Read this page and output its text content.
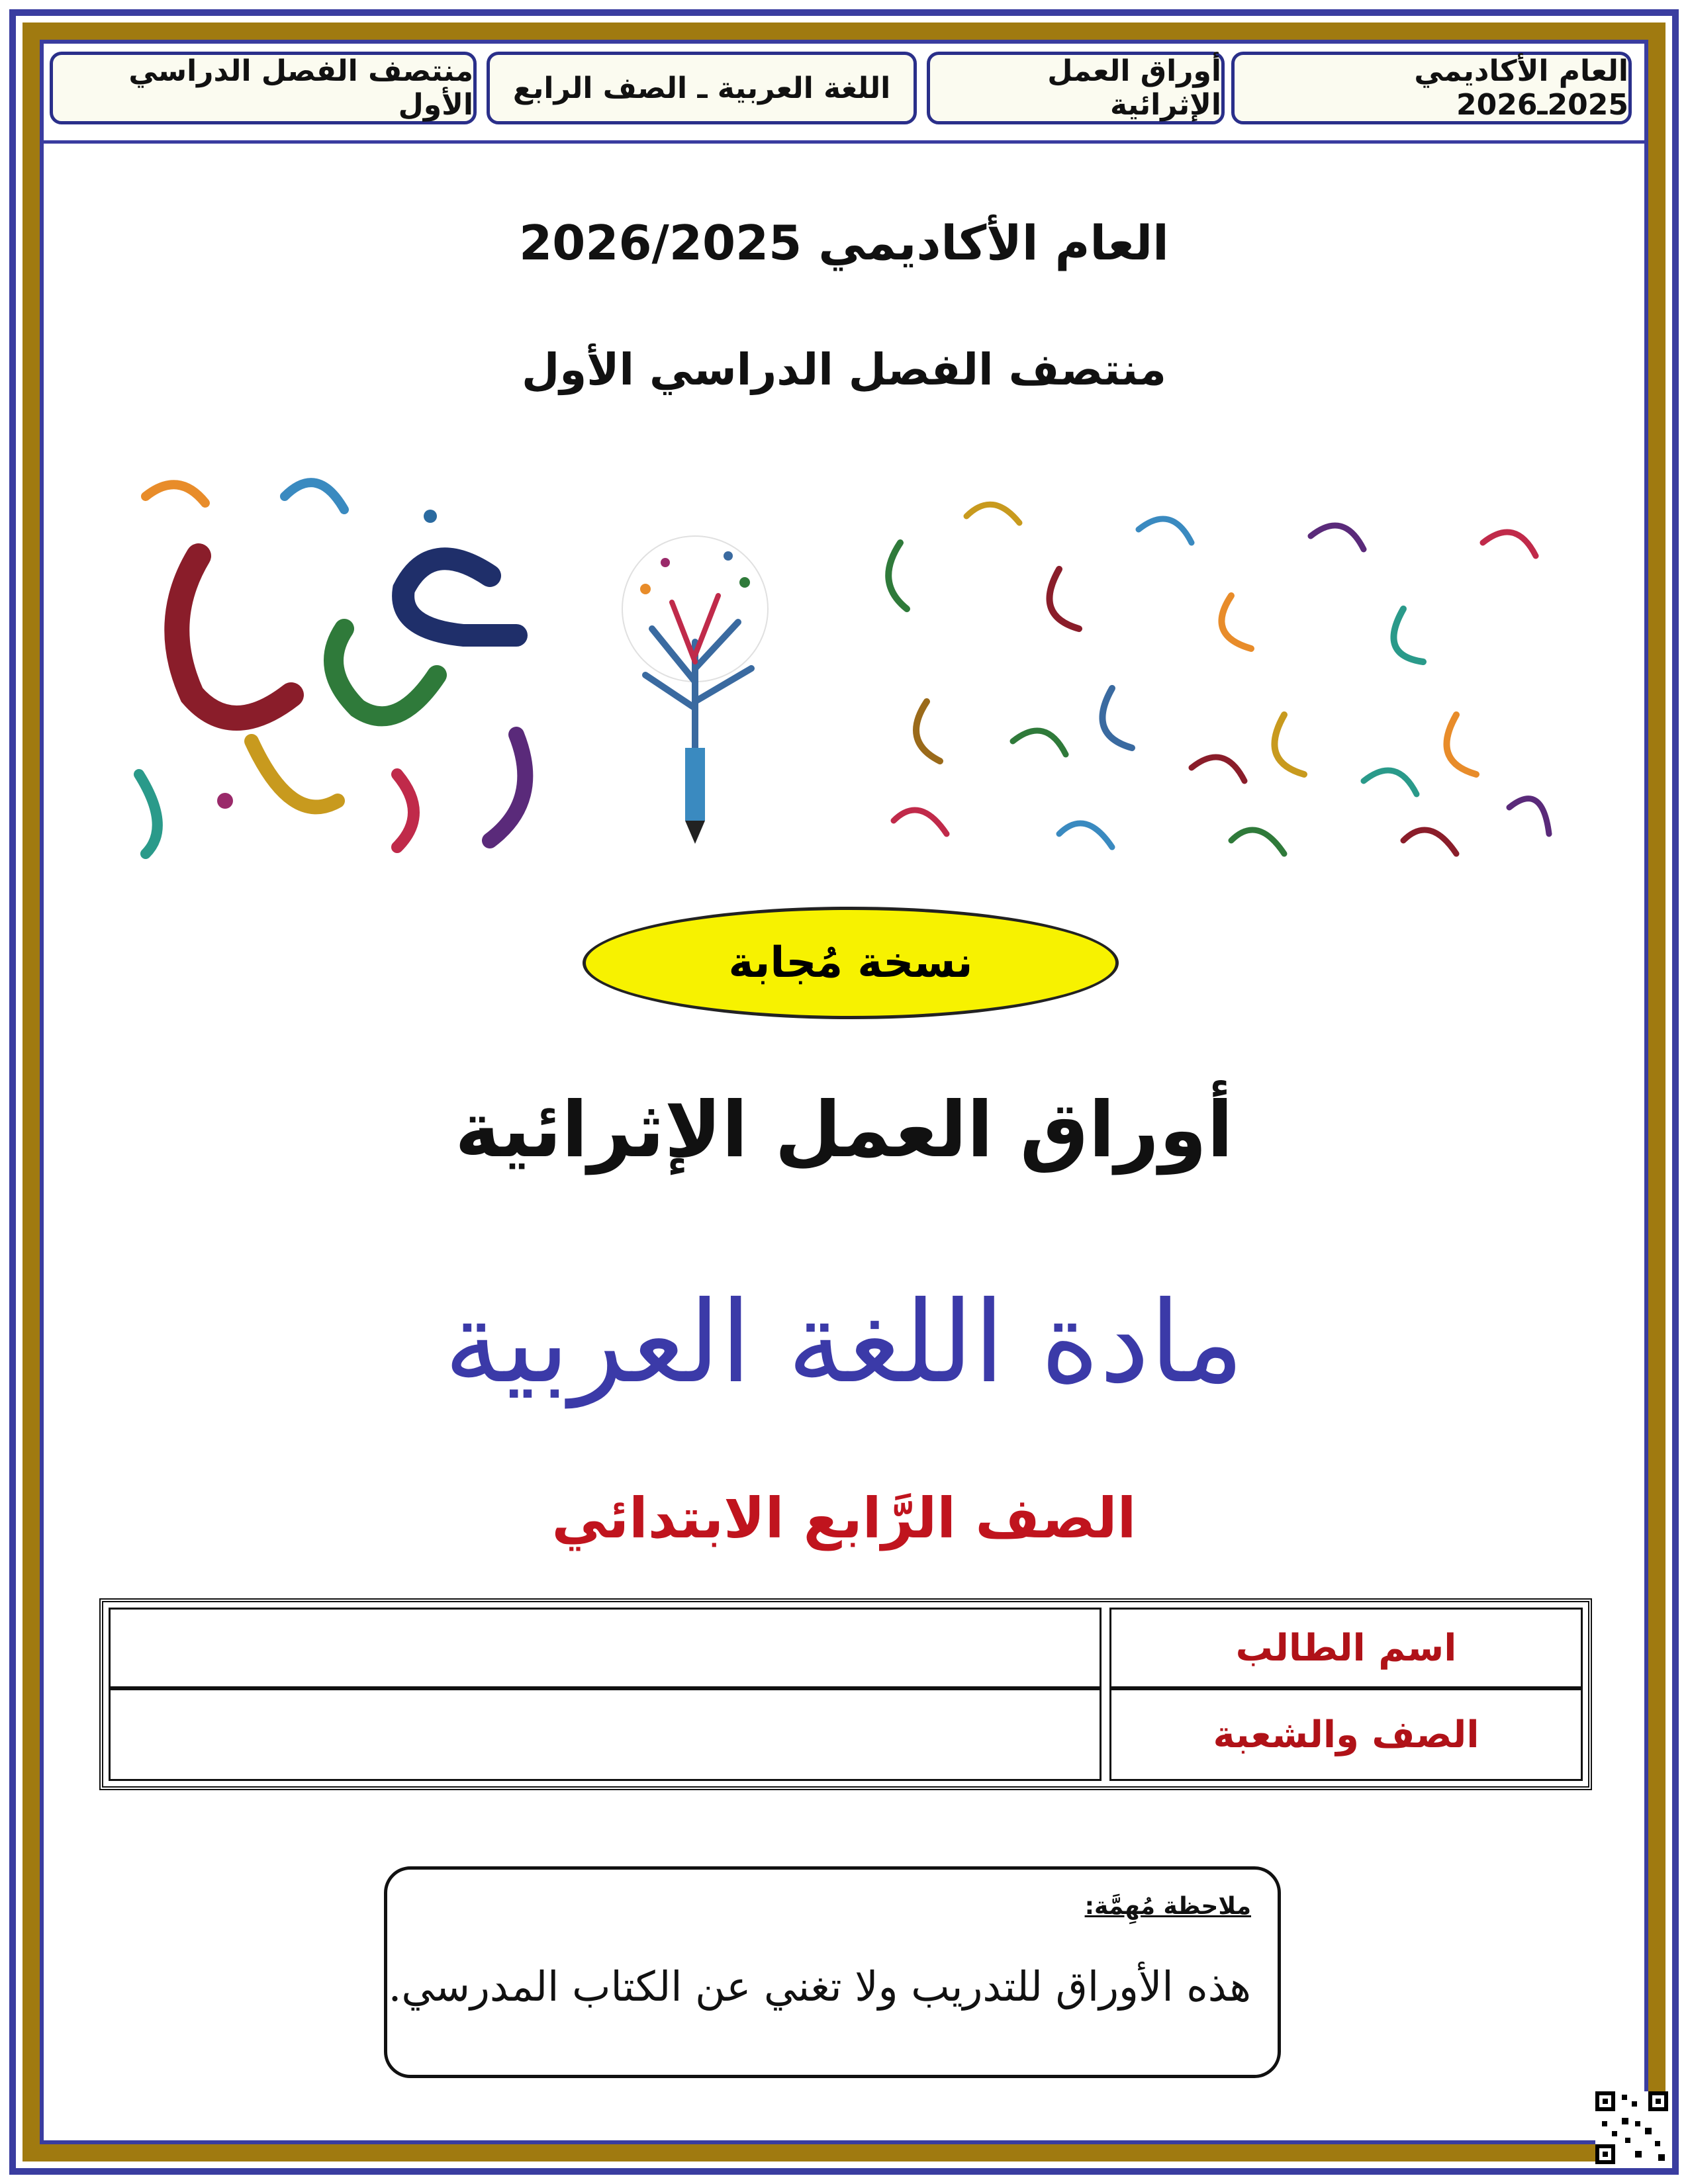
العام الأكاديمي 2025ـ2026
أوراق العمل الإثرائية
اللغة العربية ـ الصف الرابع
منتصف الفصل الدراسي الأول
العام الأكاديمي 2026/2025
منتصف الفصل الدراسي الأول
نسخة مُجابة
أوراق العمل الإثرائية
مادة اللغة العربية
الصف الرَّابع الابتدائي
اسم الطالب
الصف والشعبة
ملاحظة مُهِمَّة:
هذه الأوراق للتدريب ولا تغني عن الكتاب المدرسي.
